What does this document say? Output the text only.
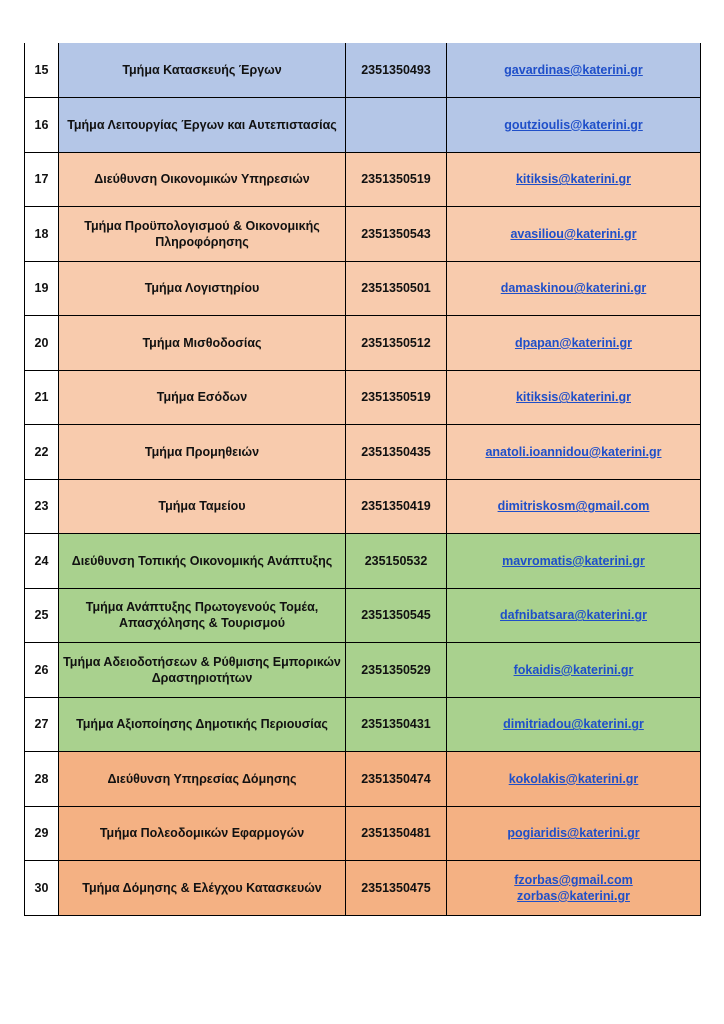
15	Τμήμα Κατασκευής Έργων	2351350493	gavardinas@katerini.gr

16	Τμήμα Λειτουργίας Έργων και Αυτεπιστασίας		goutzioulis@katerini.gr

17	Διεύθυνση Οικονομικών Υπηρεσιών	2351350519	kitiksis@katerini.gr

18	Τμήμα Προϋπολογισμού & Οικονομικής Πληροφόρησης	2351350543	avasiliou@katerini.gr

19	Τμήμα Λογιστηρίου	2351350501	damaskinou@katerini.gr

20	Τμήμα Μισθοδοσίας	2351350512	dpapan@katerini.gr

21	Τμήμα Εσόδων	2351350519	kitiksis@katerini.gr

22	Τμήμα Προμηθειών	2351350435	anatoli.ioannidou@katerini.gr

23	Τμήμα Ταμείου	2351350419	dimitriskosm@gmail.com

24	Διεύθυνση Τοπικής Οικονομικής Ανάπτυξης	235150532	mavromatis@katerini.gr

25	Τμήμα Ανάπτυξης Πρωτογενούς Τομέα, Απασχόλησης & Τουρισμού	2351350545	dafnibatsara@katerini.gr

26	Τμήμα Αδειοδοτήσεων & Ρύθμισης Εμπορικών Δραστηριοτήτων	2351350529	fokaidis@katerini.gr

27	Τμήμα Αξιοποίησης Δημοτικής Περιουσίας	2351350431	dimitriadou@katerini.gr

28	Διεύθυνση Υπηρεσίας Δόμησης	2351350474	kokolakis@katerini.gr

29	Τμήμα Πολεοδομικών Εφαρμογών	2351350481	pogiaridis@katerini.gr

30	Τμήμα Δόμησης & Ελέγχου Κατασκευών	2351350475	fzorbas@gmail.com
zorbas@katerini.gr
